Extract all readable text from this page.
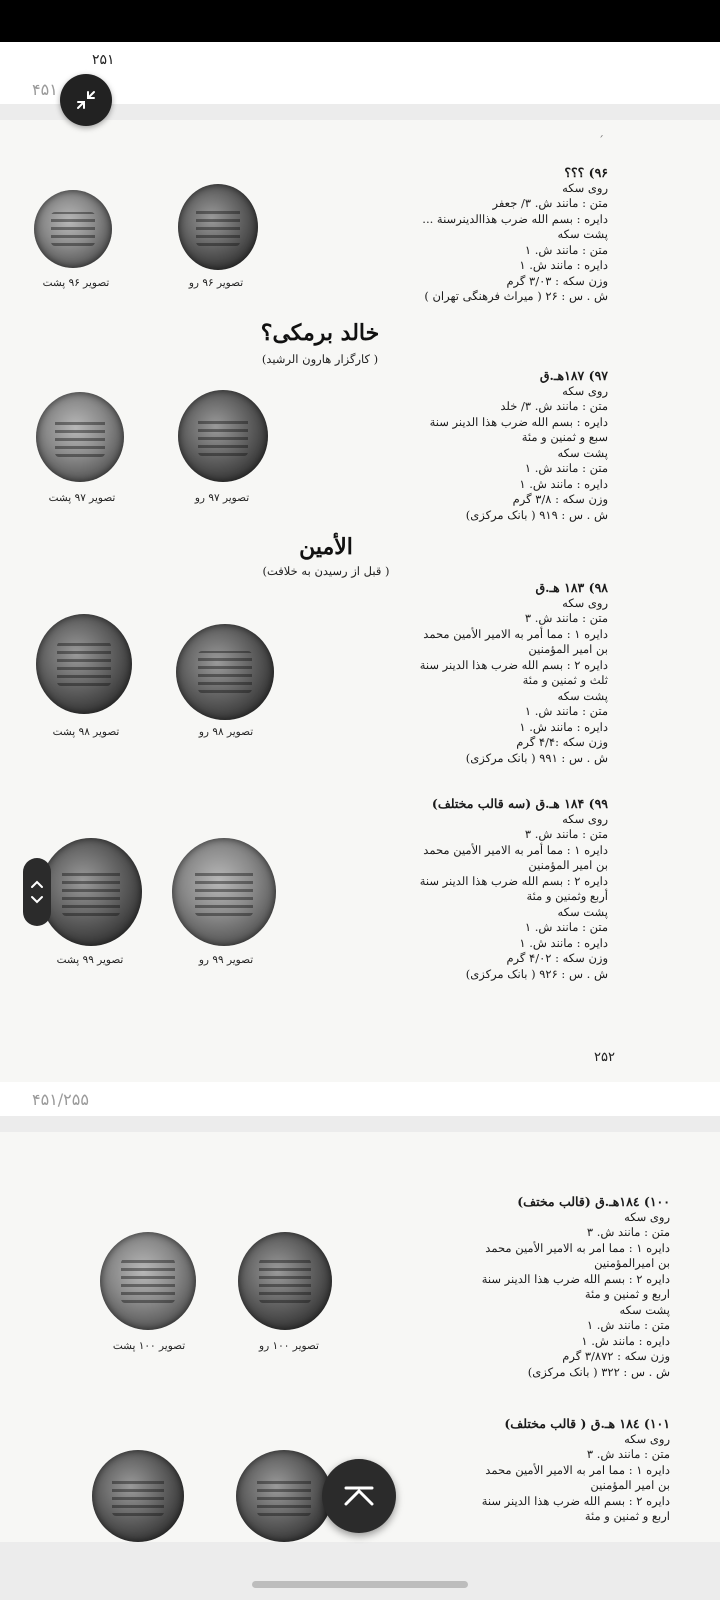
۲۵۱
۴۵۱
´
۹۶) ؟؟؟
روی سکه
متن : مانند ش. ۳/ جعفر
دایره : بسم الله ضرب هذاالدینرسنة ...
پشت سکه
متن : مانند ش. ۱
دایره : مانند ش. ۱
وزن سکه : ۳/۰۳ گرم
ش . س : ۲۶ ( میراث فرهنگی تهران )
تصویر ۹۶ پشت	تصویر ۹۶ رو
خالد برمکی؟
( کارگزار هارون الرشید)
۹۷) ۱۸۷هـ.ق
روی سکه
متن : مانند ش. ۳/ خلد
دایره : بسم الله ضرب هذا الدینر سنة
سبع و ثمنین و مئة
پشت سکه
متن : مانند ش. ۱
دایره : مانند ش. ۱
وزن سکه : ۳/۸ گرم
ش . س : ۹۱۹ ( بانک مرکزی)
تصویر ۹۷ پشت	تصویر ۹۷ رو
الأمین
( قبل از رسیدن به خلافت)
۹۸) ۱۸۳ هـ.ق
روی سکه
متن : مانند ش. ۳
دایره ۱ : مما أمر به الامیر الأمین محمد
بن امیر المؤمنین
دایره ۲ : بسم الله ضرب هذا الدینر سنة
ثلث و ثمنین و مئة
پشت سکه
متن : مانند ش. ۱
دایره : مانند ش. ۱
وزن سکه :۴/۴ گرم
ش . س : ۹۹۱ ( بانک مرکزی)
تصویر ۹۸ پشت	تصویر ۹۸ رو
۹۹) ۱۸۴ هـ.ق (سه قالب مختلف)
روی سکه
متن : مانند ش. ۳
دایره ۱ : مما أمر به الامیر الأمین محمد
بن امیر المؤمنین
دایره ۲ : بسم الله ضرب هذا الدینر سنة
أربع وثمنین و مئة
پشت سکه
متن : مانند ش. ۱
دایره : مانند ش. ۱
وزن سکه : ۴/۰۲ گرم
ش . س : ۹۲۶ ( بانک مرکزی)
تصویر ۹۹ پشت	تصویر ۹۹ رو
۲۵۲
۴۵۱/۲۵۵
۱۰۰) ۱۸٤هـ.ق (قالب مختف)
روی سکه
متن : مانند ش. ۳
دایره ۱ : مما امر به الامیر الأمین محمد
بن امیرالمؤمنین
دایره ۲ : بسم الله ضرب هذا الدینر سنة
اربع و ثمنین و مئة
پشت سکه
متن : مانند ش. ۱
دایره : مانند ش. ۱
وزن سکه : ۳/۸۷۲ گرم
ش . س : ۳۲۲ ( بانک مرکزی)
تصویر ۱۰۰ پشت	تصویر ۱۰۰ رو
۱۰۱) ۱۸٤ هـ.ق ( قالب مختلف)
روی سکه
متن : مانند ش. ۳
دایره ۱ : مما امر به الامیر الأمین محمد
بن امیر المؤمنین
دایره ۲ : بسم الله ضرب هذا الدینر سنة
اربع و ثمنین و مئة
